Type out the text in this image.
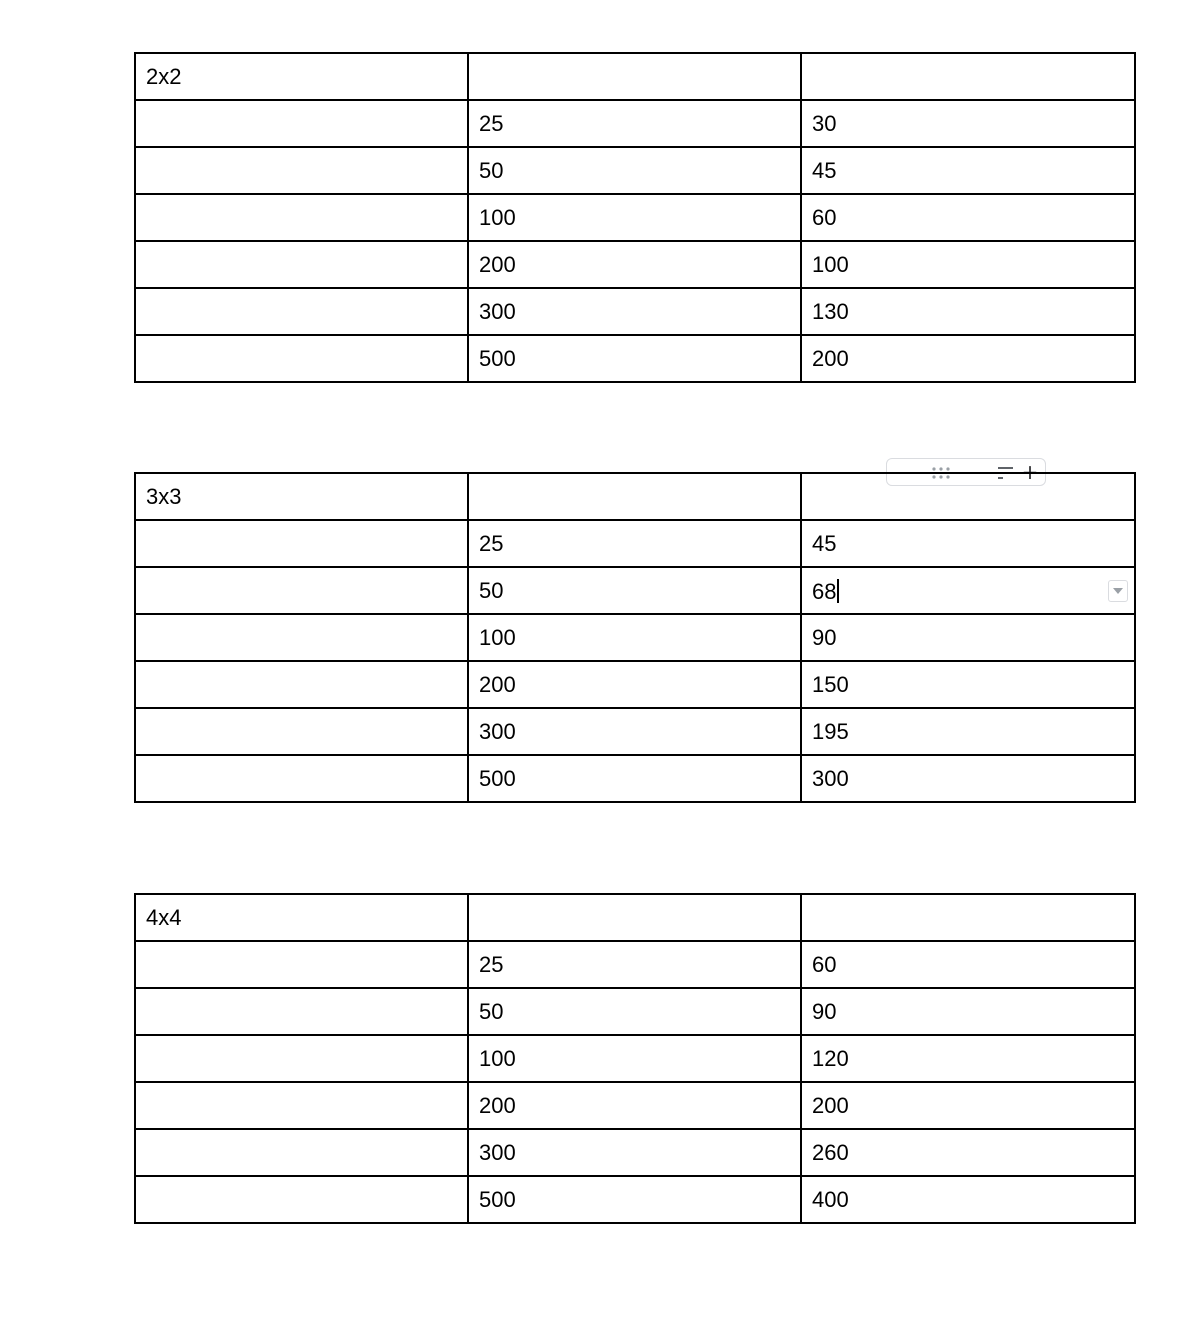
2x2		
	25	30
	50	45
	100	60
	200	100
	300	130
	500	200
+
3x3		
	25	45
	50	68
	100	90
	200	150
	300	195
	500	300
4x4		
	25	60
	50	90
	100	120
	200	200
	300	260
	500	400
